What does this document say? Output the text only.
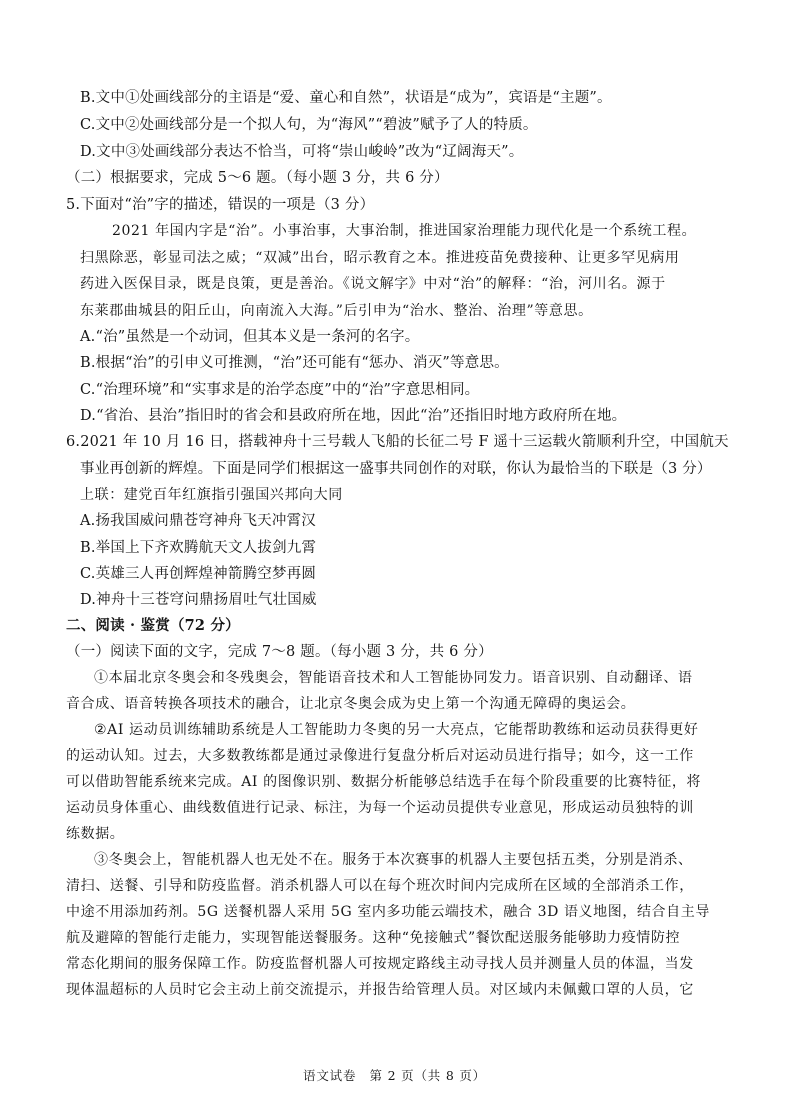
B.文中①处画线部分的主语是“爱、童心和自然”，状语是“成为”，宾语是“主题”。
C.文中②处画线部分是一个拟人句，为“海风”“碧波”赋予了人的特质。
D.文中③处画线部分表达不恰当，可将“崇山峻岭”改为“辽阔海天”。
（二）根据要求，完成 5～6 题。（每小题 3 分，共 6 分）
5.下面对“治”字的描述，错误的一项是（3 分）
2021 年国内字是“治”。小事治事，大事治制，推进国家治理能力现代化是一个系统工程。
扫黑除恶，彰显司法之威；“双减”出台，昭示教育之本。推进疫苗免费接种、让更多罕见病用
药进入医保目录，既是良策，更是善治。《说文解字》中对“治”的解释：“治，河川名。源于
东莱郡曲城县的阳丘山，向南流入大海。”后引申为“治水、整治、治理”等意思。
A.“治”虽然是一个动词，但其本义是一条河的名字。
B.根据“治”的引申义可推测，“治”还可能有“惩办、消灭”等意思。
C.“治理环境”和“实事求是的治学态度”中的“治”字意思相同。
D.“省治、县治”指旧时的省会和县政府所在地，因此“治”还指旧时地方政府所在地。
6.2021 年 10 月 16 日，搭载神舟十三号载人飞船的长征二号 F 遥十三运载火箭顺利升空，中国航天
事业再创新的辉煌。下面是同学们根据这一盛事共同创作的对联，你认为最恰当的下联是（3 分）
上联：建党百年红旗指引强国兴邦向大同
A.扬我国威问鼎苍穹神舟飞天冲霄汉
B.举国上下齐欢腾航天文人拔剑九霄
C.英雄三人再创辉煌神箭腾空梦再圆
D.神舟十三苍穹问鼎扬眉吐气壮国威
二、阅读 · 鉴赏（72 分）
（一）阅读下面的文字，完成 7～8 题。（每小题 3 分，共 6 分）
①本届北京冬奥会和冬残奥会，智能语音技术和人工智能协同发力。语音识别、自动翻译、语
音合成、语音转换各项技术的融合，让北京冬奥会成为史上第一个沟通无障碍的奥运会。
②AI 运动员训练辅助系统是人工智能助力冬奥的另一大亮点，它能帮助教练和运动员获得更好
的运动认知。过去，大多数教练都是通过录像进行复盘分析后对运动员进行指导；如今，这一工作
可以借助智能系统来完成。AI 的图像识别、数据分析能够总结选手在每个阶段重要的比赛特征，将
运动员身体重心、曲线数值进行记录、标注，为每一个运动员提供专业意见，形成运动员独特的训
练数据。
③冬奥会上，智能机器人也无处不在。服务于本次赛事的机器人主要包括五类，分别是消杀、
清扫、送餐、引导和防疫监督。消杀机器人可以在每个班次时间内完成所在区域的全部消杀工作，
中途不用添加药剂。5G 送餐机器人采用 5G 室内多功能云端技术，融合 3D 语义地图，结合自主导
航及避障的智能行走能力，实现智能送餐服务。这种“免接触式”餐饮配送服务能够助力疫情防控
常态化期间的服务保障工作。防疫监督机器人可按规定路线主动寻找人员并测量人员的体温，当发
现体温超标的人员时它会主动上前交流提示，并报告给管理人员。对区域内未佩戴口罩的人员，它
语文试卷　第 2 页（共 8 页）
